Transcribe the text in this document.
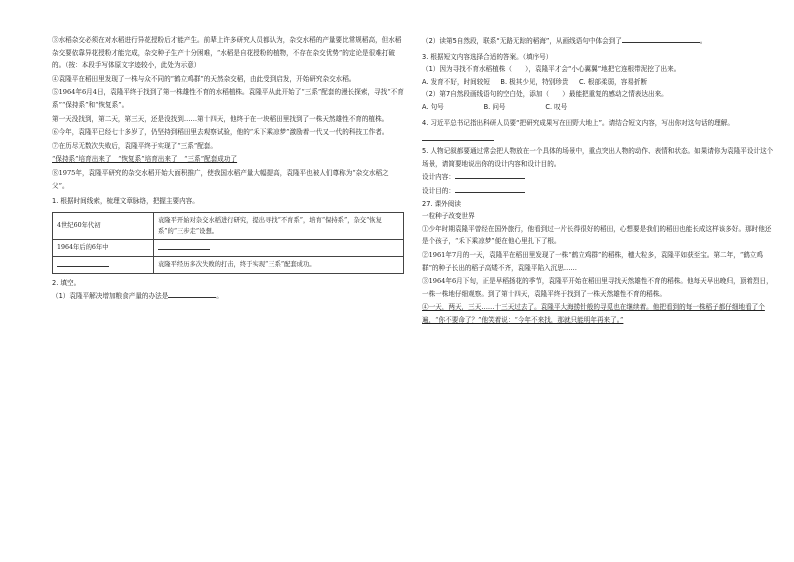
③水稻杂交必须在对水稻进行异花授粉后才能产生。前辈上许多研究人员都认为，杂交水稻的产量要比常规稻高，但水稻杂交要依靠异花授粉才能完成，杂交种子生产十分困难，“水稻是自花授粉的植物，不存在杂交优势”的定论是很难打破的。（按：本段手写体原文字迹较小，此处为示意）

④袁隆平在稻田里发现了一株与众不同的“鹤立鸡群”的天然杂交稻，由此受到启发，开始研究杂交水稻。

⑤1964年6月4日，袁隆平终于找到了第一株雄性不育的水稻植株。袁隆平从此开始了“三系”配套的漫长探索，寻找“不育系”“保持系”和“恢复系”。

第一天没找到，第二天，第三天，还是没找到……第十四天，他终于在一块稻田里找到了一株天然雄性不育的植株。

⑥今年，袁隆平已经七十多岁了，仍坚持到稻田里去观察试验，他的“禾下乘凉梦”激励着一代又一代的科技工作者。

⑦在历尽无数次失败后，袁隆平终于实现了“三系”配套。

“保持系”培育出来了　“恢复系”培育出来了　“三系”配套成功了

⑧1975年，袁隆平研究的杂交水稻开始大面积推广，使我国水稻产量大幅提高，袁隆平也被人们尊称为“杂交水稻之父”。

1. 根据时间线索，梳理文章脉络，把握主要内容。

4世纪60年代初	袁隆平开始对杂交水稻进行研究，提出寻找“不育系”，培育“保持系”，杂交“恢复系”的“三步走”设想。
1964年后的6年中	
	袁隆平经历多次失败的打击，终于实现“三系”配套成功。

2. 填空。

（1）袁隆平解决增加粮食产量的办法是	。

（2）读第5自然段，联系“无路无踪的稻海”，从画线语句中体会到了	。

3. 根据短文内容选择合适的答案。（填序号）

（1）因为寻找不育水稻植株（　　），袁隆平才会“小心翼翼”地把它连根带泥挖了出来。

A. 发育不好，时间较短 B. 极其少见，特别珍贵 C. 根部柔弱，容易折断

（2）第7自然段画线语句的空白处，添加（　　）最能把重复的感动之情表达出来。

A. 句号	B. 问号	C. 叹号

4. 习近平总书记指出科研人员要“把研究成果写在田野大地上”。请结合短文内容，写出你对这句话的理解。

5. 人物记叙都要通过常会把人物放在一个具体的场景中，重点突出人物的动作、表情和状态。如果请你为袁隆平设计这个场景，请简要地说出你的设计内容和设计目的。

设计内容：

设计目的：

27. 课外阅读

一粒种子改变世界

①少年时期袁隆平曾经在国外旅行，他看到过一片长得很好的稻田，心想要是我们的稻田也能长成这样该多好。那时他还是个孩子，“禾下乘凉梦”便在他心里扎下了根。

②1961年7月的一天，袁隆平在稻田里发现了一株“鹤立鸡群”的稻株，穗大粒多，袁隆平如获至宝。第二年，“鹤立鸡群”的种子长出的稻子高矮不齐，袁隆平陷入沉思……

③1964年6月下旬，正是早稻扬花的季节，袁隆平开始在稻田里寻找天然雄性不育的稻株。他每天早出晚归，顶着烈日，一株一株地仔细观察。到了第十四天，袁隆平终于找到了一株天然雄性不育的稻株。

④一天，两天，三天……十三天过去了。袁隆平大海捞针般的寻觅也在继续着。他把看到的每一株稻子都仔细地看了个遍，“你不要命了？”他笑着说：“今年不来找，那就只能明年再来了。”
